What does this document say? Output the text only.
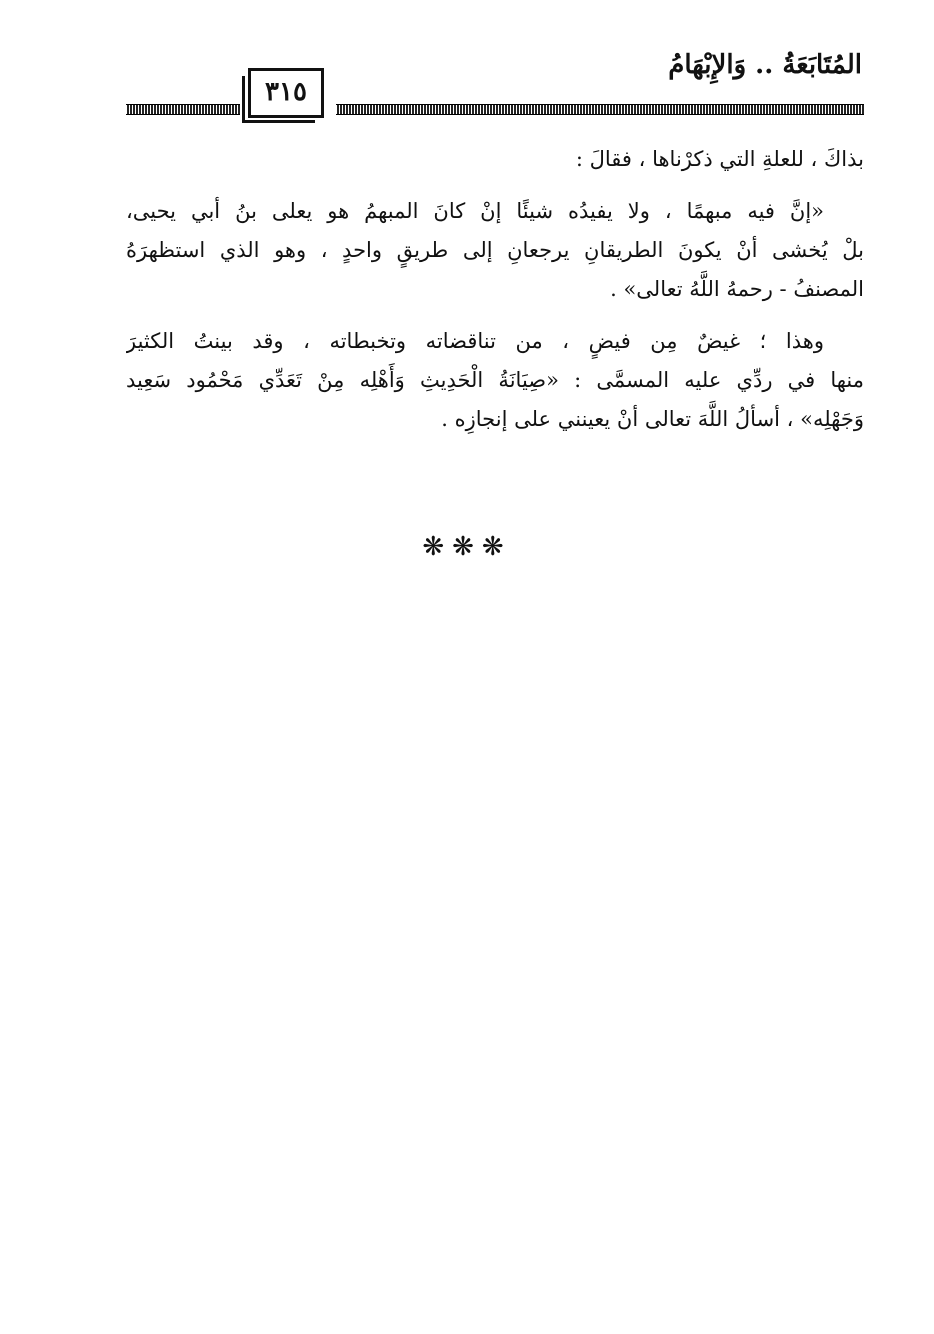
المُتَابَعَةُ .. وَالإِبْهَامُ
٣١٥
بذاكَ ، للعلةِ التي ذكرْناها ، فقالَ :
«إنَّ فيه مبهمًا ، ولا يفيدُه شيئًا إنْ كانَ المبهمُ هو يعلى بنُ أبي يحيى،
بلْ يُخشى أنْ يكونَ الطريقانِ يرجعانِ إلى طريقٍ واحدٍ ، وهو الذي استظهرَهُ
المصنفُ - رحمهُ اللَّهُ تعالى» .
وهذا ؛ غيضٌ مِن فيضٍ ، من تناقضاته وتخبطاته ، وقد بينتُ الكثيرَ
منها في ردِّي عليه المسمَّى : «صِيَانَةُ الْحَدِيثِ وَأَهْلِه مِنْ تَعَدِّي مَحْمُود سَعِيد
وَجَهْلِه» ، أسألُ اللَّهَ تعالى أنْ يعينني على إنجازِه .
❋❋❋
